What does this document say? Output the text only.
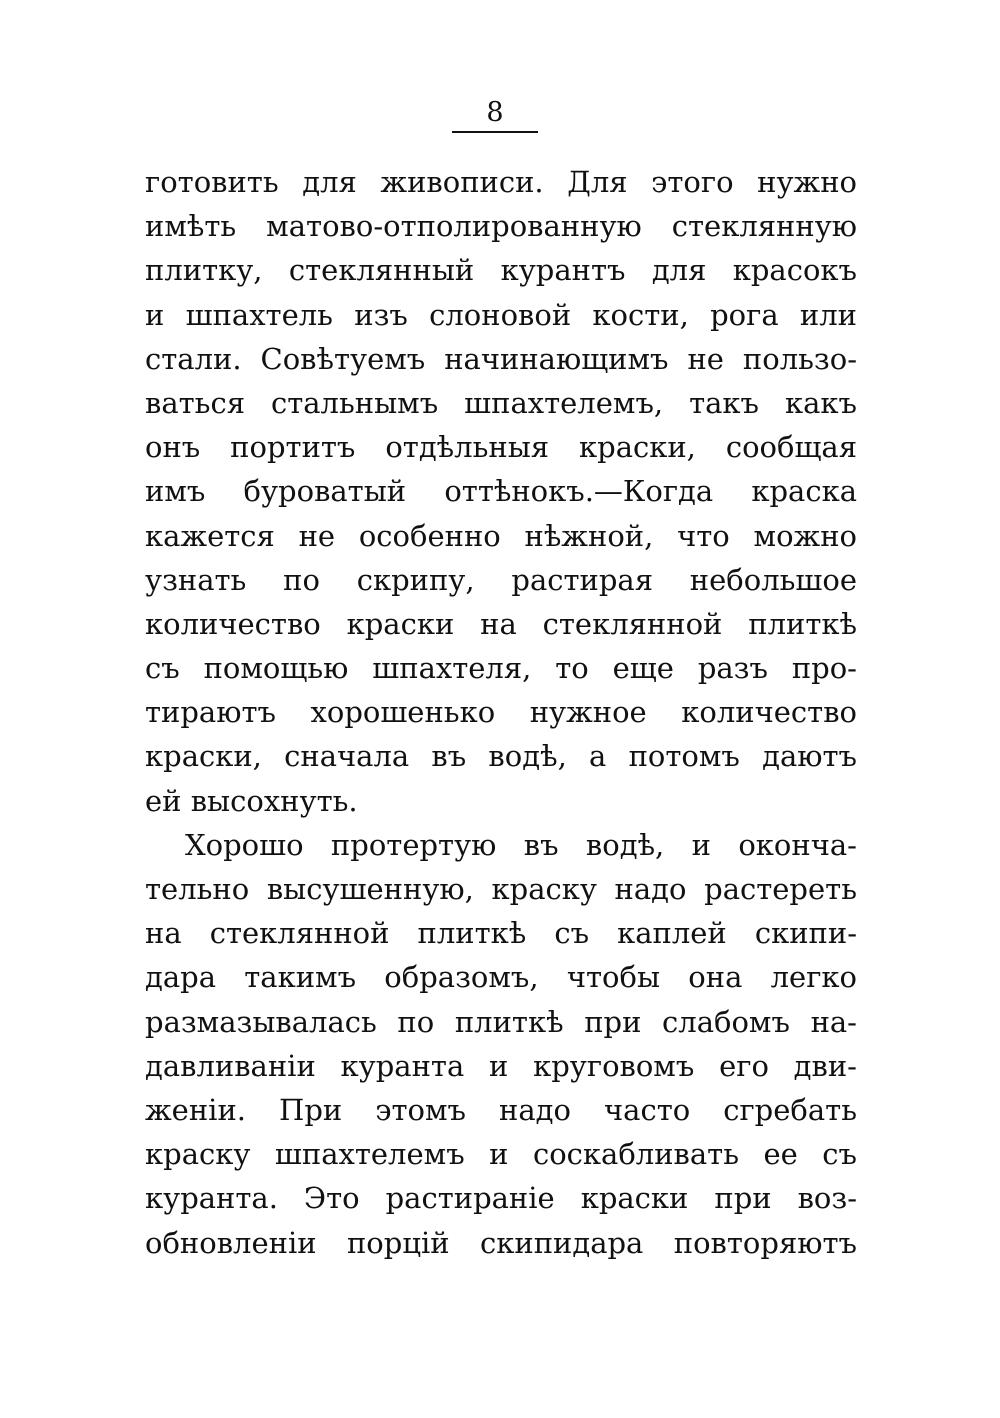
8
готовить для живописи. Для этого нужно
имѣть матово-отполированную стеклянную
плитку, стеклянный курантъ для красокъ
и шпахтель изъ слоновой кости, рога или
стали. Совѣтуемъ начинающимъ не пользо-
ваться стальнымъ шпахтелемъ, такъ какъ
онъ портитъ отдѣльныя краски, сообщая
имъ буроватый оттѣнокъ.—Когда краска
кажется не особенно нѣжной, что можно
узнать по скрипу, растирая небольшое
количество краски на стеклянной плиткѣ
съ помощью шпахтеля, то еще разъ про-
тираютъ хорошенько нужное количество
краски, сначала въ водѣ, а потомъ даютъ
ей высохнуть.
Хорошо протертую въ водѣ, и оконча-
тельно высушенную, краску надо растереть
на стеклянной плиткѣ съ каплей скипи-
дара такимъ образомъ, чтобы она легко
размазывалась по плиткѣ при слабомъ на-
давливаніи куранта и круговомъ его дви-
женіи. При этомъ надо часто сгребать
краску шпахтелемъ и соскабливать ее съ
куранта. Это растираніе краски при воз-
обновленіи порцій скипидара повторяютъ
